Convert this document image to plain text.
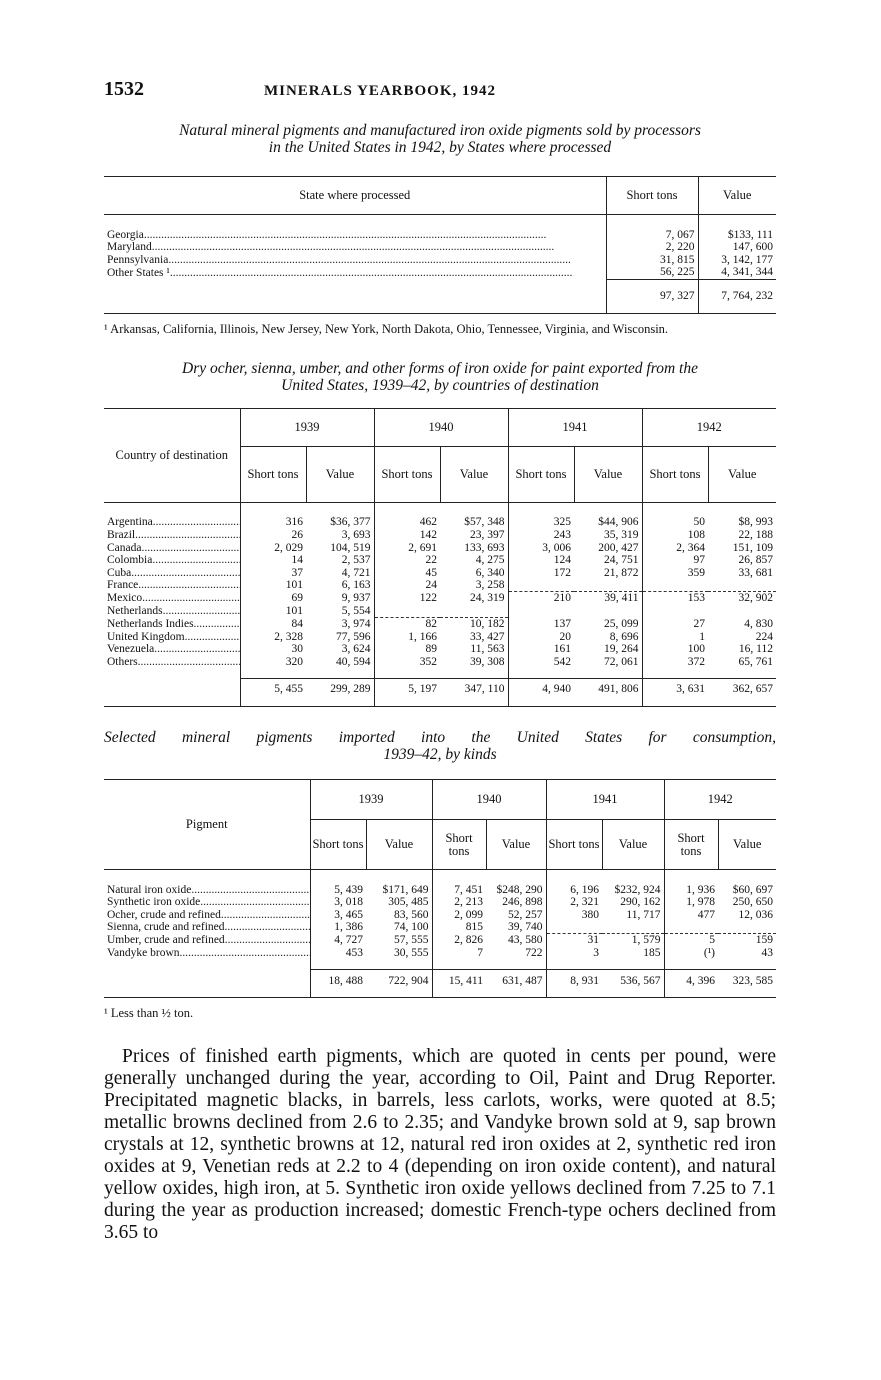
1532	MINERALS YEARBOOK, 1942
Natural mineral pigments and manufactured iron oxide pigments sold by processors
in the United States in 1942, by States where processed
State where processed	Short tons	Value

Georgia .....	7, 067	$133, 111
Maryland .....	2, 220	147, 600
Pennsylvania .....	31, 815	3, 142, 177
Other States ¹ .....	56, 225	4, 341, 344
	97, 327	7, 764, 232
¹ Arkansas, California, Illinois, New Jersey, New York, North Dakota, Ohio, Tennessee, Virginia, and Wisconsin.
Dry ocher, sienna, umber, and other forms of iron oxide for paint exported from the
United States, 1939–42, by countries of destination
Country of destination	1939		1940		1941		1942	
	Short tons	Value	Short tons	Value	Short tons	Value	Short tons	Value

Argentina .....	316	$36, 377	462	$57, 348	325	$44, 906	50	$8, 993
Brazil .....	26	3, 693	142	23, 397	243	35, 319	108	22, 188
Canada .....	2, 029	104, 519	2, 691	133, 693	3, 006	200, 427	2, 364	151, 109
Colombia .....	14	2, 537	22	4, 275	124	24, 751	97	26, 857
Cuba .....	37	4, 721	45	6, 340	172	21, 872	359	33, 681
France .....	101	6, 163	24	3, 258				
Mexico .....	69	9, 937	122	24, 319	210	39, 411	153	32, 902
Netherlands .....	101	5, 554						
Netherlands Indies .....	84	3, 974	82	10, 182	137	25, 099	27	4, 830
United Kingdom .....	2, 328	77, 596	1, 166	33, 427	20	8, 696	1	224
Venezuela .....	30	3, 624	89	11, 563	161	19, 264	100	16, 112
Others .....	320	40, 594	352	39, 308	542	72, 061	372	65, 761

	5, 455	299, 289	5, 197	347, 110	4, 940	491, 806	3, 631	362, 657

Selected mineral pigments imported into the United States for consumption,
1939–42, by kinds
Pigment	1939		1940		1941		1942	
	Short tons	Value	Short tons	Value	Short tons	Value	Short tons	Value

Natural iron oxide .....	5, 439	$171, 649	7, 451	$248, 290	6, 196	$232, 924	1, 936	$60, 697
Synthetic iron oxide .....	3, 018	305, 485	2, 213	246, 898	2, 321	290, 162	1, 978	250, 650
Ocher, crude and refined .....	3, 465	83, 560	2, 099	52, 257	380	11, 717	477	12, 036
Sienna, crude and refined .....	1, 386	74, 100	815	39, 740				
Umber, crude and refined .....	4, 727	57, 555	2, 826	43, 580	31	1, 579	5	159
Vandyke brown .....	453	30, 555	7	722	3	185	(¹)	43

	18, 488	722, 904	15, 411	631, 487	8, 931	536, 567	4, 396	323, 585

¹ Less than ½ ton.
Prices of finished earth pigments, which are quoted in cents per pound, were generally unchanged during the year, according to Oil, Paint and Drug Reporter. Precipitated magnetic blacks, in barrels, less carlots, works, were quoted at 8.5; metallic browns declined from 2.6 to 2.35; and Vandyke brown sold at 9, sap brown crystals at 12, synthetic browns at 12, natural red iron oxides at 2, synthetic red iron oxides at 9, Venetian reds at 2.2 to 4 (depending on iron oxide content), and natural yellow oxides, high iron, at 5. Synthetic iron oxide yellows declined from 7.25 to 7.1 during the year as production increased; domestic French-type ochers declined from 3.65 to
